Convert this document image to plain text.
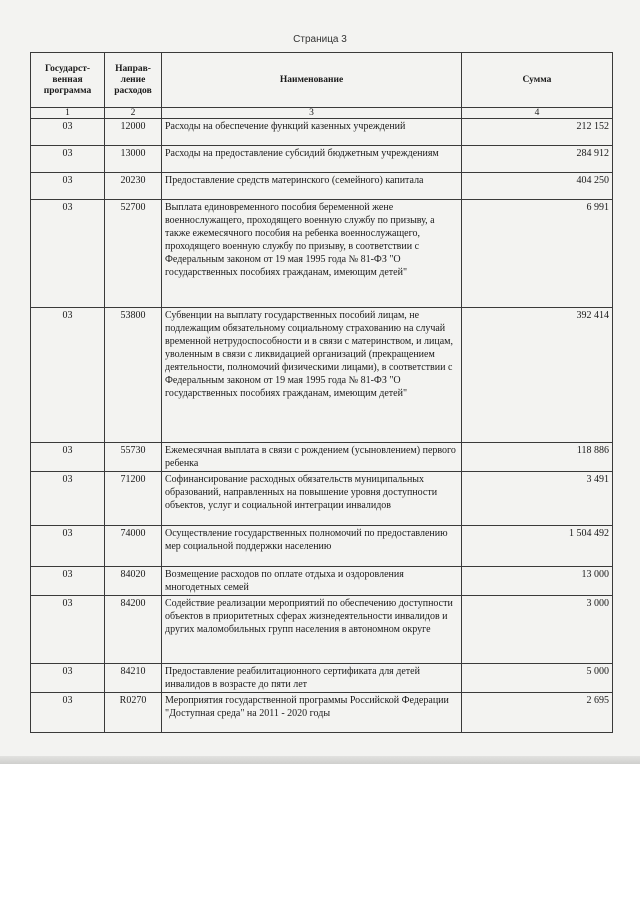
Страница 3
Государст-венная программа	Направ-ление расходов	Наименование	Сумма
1	2	3	4
03	12000	Расходы на обеспечение функций казенных учреждений	212 152
03	13000	Расходы на предоставление субсидий бюджетным учреждениям	284 912
03	20230	Предоставление средств материнского (семейного) капитала	404 250
03	52700	Выплата единовременного пособия беременной жене военнослужащего, проходящего военную службу по призыву, а также ежемесячного пособия на ребенка военнослужащего, проходящего военную службу по призыву, в соответствии с Федеральным законом от 19 мая 1995 года № 81-ФЗ "О государственных пособиях гражданам, имеющим детей"	6 991
03	53800	Субвенции на выплату государственных пособий лицам, не подлежащим обязательному социальному страхованию на случай временной нетрудоспособности и в связи с материнством, и лицам, уволенным в связи с ликвидацией организаций (прекращением деятельности, полномочий физическими лицами), в соответствии с Федеральным законом от 19 мая 1995 года № 81-ФЗ "О государственных пособиях гражданам, имеющим детей"	392 414
03	55730	Ежемесячная выплата в связи с рождением (усыновлением) первого ребенка	118 886
03	71200	Софинансирование расходных обязательств муниципальных образований, направленных на повышение уровня доступности объектов, услуг и социальной интеграции инвалидов	3 491
03	74000	Осуществление государственных полномочий по предоставлению мер социальной поддержки населению	1 504 492
03	84020	Возмещение расходов по оплате отдыха и оздоровления многодетных семей	13 000
03	84200	Содействие реализации мероприятий по обеспечению доступности объектов в приоритетных сферах жизнедеятельности инвалидов и других маломобильных групп населения в автономном округе	3 000
03	84210	Предоставление реабилитационного сертификата для детей инвалидов в возрасте до пяти лет	5 000
03	R0270	Мероприятия государственной программы Российской Федерации "Доступная среда" на 2011 - 2020 годы	2 695
